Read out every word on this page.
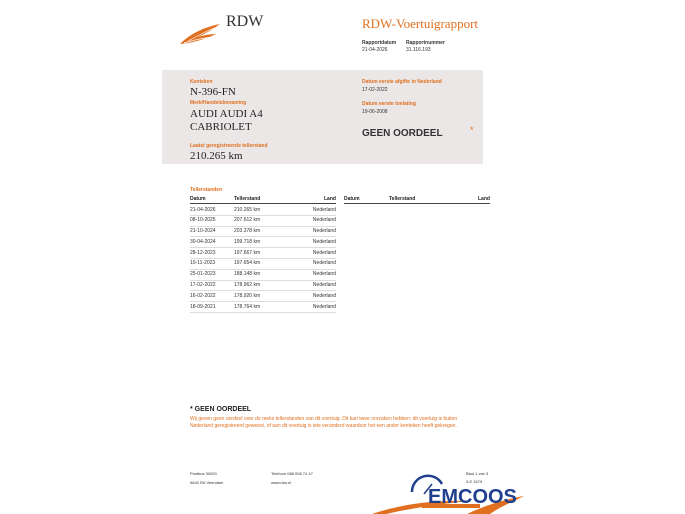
RDW	RDW-Voertuigrapport
Rapportdatum
21-04-2026
Rapportnummer
31.116.193
Kenteken
N-396-FN
Merk/Handelsbenaming
AUDI AUDI A4
CABRIOLET
Laatst geregistreerde tellerstand
210.265 km
Datum eerste afgifte in Nederland
17-02-2022
Datum eerste toelating
19-06-2008
GEEN OORDEEL	*
Tellerstanden
Datum	Tellerstand	Land Datum	Tellerstand	Land
21-04-2026	210.265 km	Nederland
08-10-2025	207.612 km	Nederland
21-10-2024	203.378 km	Nederland
30-04-2024	199.718 km	Nederland
28-12-2023	197.667 km	Nederland
10-11-2023	197.654 km	Nederland
25-01-2023	188.148 km	Nederland
17-02-2022	178.962 km	Nederland
16-02-2022	178.920 km	Nederland
18-09-2021	178.764 km	Nederland
* GEEN OORDEEL
Wij geven geen oordeel over de reeks tellerstanden van dit voertuig. Dit kan twee oorzaken hebben: dit voertuig is buiten Nederland geregistreerd geweest, of aan dit voertuig is iets veranderd waardoor het een ander kenteken heeft gekregen.
Postbus 30000
9640 RA Veendam
Telefoon 088 008 74 47
www.rdw.nl
Blad 1 van 3
3-E 1679
EMCOOS
